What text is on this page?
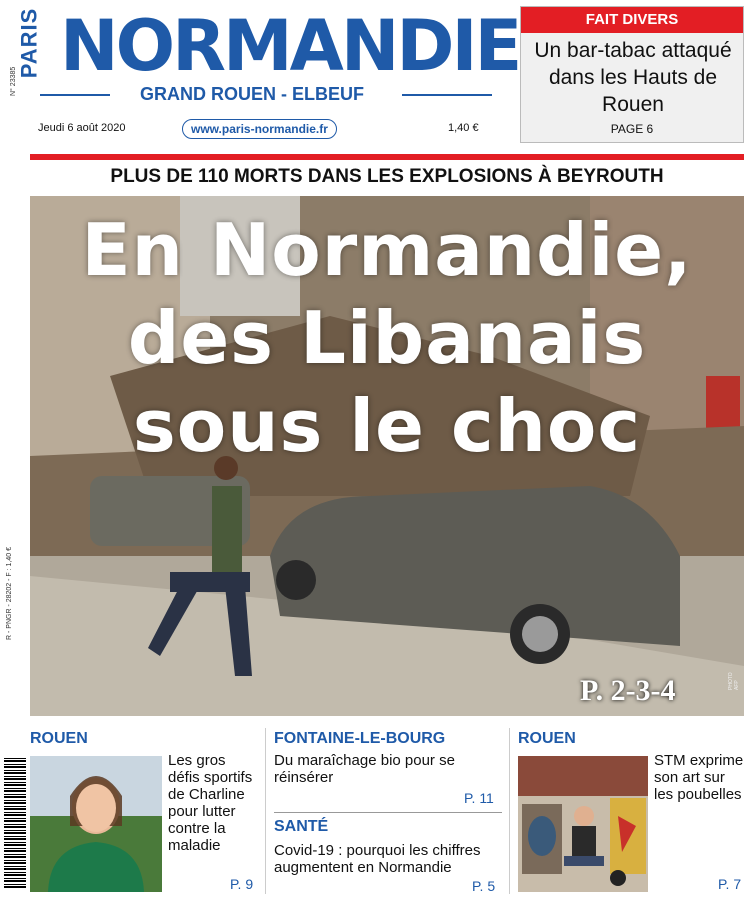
PARIS NORMANDIE
GRAND ROUEN - ELBEUF
N° 23385
Jeudi 6 août 2020	www.paris-normandie.fr	1,40 €
FAIT DIVERS
Un bar-tabac attaqué dans les Hauts de Rouen
PAGE 6
PLUS DE 110 MORTS DANS LES EXPLOSIONS À BEYROUTH
En Normandie,
des Libanais
sous le choc
P. 2-3-4	PHOTO AFP
R - PNGR - 28202 - F : 1,40 €
ROUEN
Les gros défis sportifs de Charline pour lutter contre la maladie
P. 9
FONTAINE-LE-BOURG
Du maraîchage bio pour se réinsérer
P. 11
SANTÉ
Covid-19 : pourquoi les chiffres augmentent en Normandie
P. 5
ROUEN
STM exprime son art sur les poubelles
P. 7
